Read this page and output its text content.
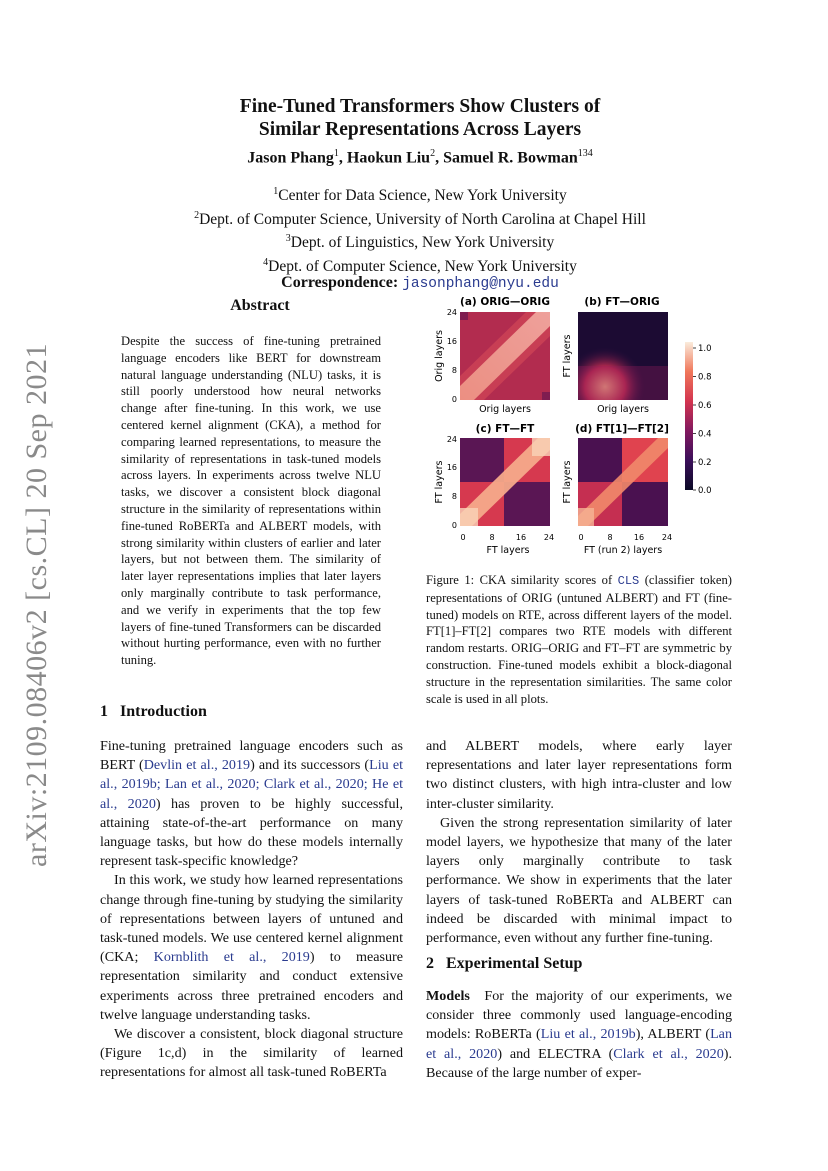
arXiv:2109.08406v2 [cs.CL] 20 Sep 2021
Fine-Tuned Transformers Show Clusters of
Similar Representations Across Layers
Jason Phang$^1$, Haokun Liu$^2$, Samuel R. Bowman$^{134}$
$^1$Center for Data Science, New York University
$^2$Dept. of Computer Science, University of North Carolina at Chapel Hill
$^3$Dept. of Linguistics, New York University
$^4$Dept. of Computer Science, New York University
Correspondence: jasonphang@nyu.edu
Abstract
Despite the success of fine-tuning pretrained language encoders like BERT for downstream natural language understanding (NLU) tasks, it is still poorly understood how neural networks change after fine-tuning. In this work, we use centered kernel alignment (CKA), a method for comparing learned representations, to measure the similarity of representations in task-tuned models across layers. In experiments across twelve NLU tasks, we discover a consistent block diagonal structure in the similarity of representations within fine-tuned RoBERTa and ALBERT models, with strong similarity within clusters of earlier and later layers, but not between them. The similarity of later layer representations implies that later layers only marginally contribute to task performance, and we verify in experiments that the top few layers of fine-tuned Transformers can be discarded without hurting performance, even with no further tuning.
(a) ORIG—ORIG
24
16
8
0
Orig layers
Orig layers
(b) FT—ORIG
Orig layers
FT layers
(c) FT—FT
24
16
8
0
0	8	16 24
FT layers
FT layers
(d) FT[1]—FT[2]
0	8	16 24
FT (run 2) layers
FT layers
1.0
0.8
0.6
0.4
0.2
0.0
Figure 1: CKA similarity scores of CLS (classifier token) representations of ORIG (untuned ALBERT) and FT (fine-tuned) models on RTE, across different layers of the model. FT[1]–FT[2] compares two RTE models with different random restarts. ORIG–ORIG and FT–FT are symmetric by construction. Fine-tuned models exhibit a block-diagonal structure in the representation similarities. The same color scale is used in all plots.
1 Introduction
Fine-tuning pretrained language encoders such as BERT (Devlin et al., 2019) and its successors (Liu et al., 2019b; Lan et al., 2020; Clark et al., 2020; He et al., 2020) has proven to be highly successful, attaining state-of-the-art performance on many language tasks, but how do these models internally represent task-specific knowledge?
In this work, we study how learned representations change through fine-tuning by studying the similarity of representations between layers of untuned and task-tuned models. We use centered kernel alignment (CKA; Kornblith et al., 2019) to measure representation similarity and conduct extensive experiments across three pretrained encoders and twelve language understanding tasks.
We discover a consistent, block diagonal structure (Figure 1c,d) in the similarity of learned representations for almost all task-tuned RoBERTa
and ALBERT models, where early layer representations and later layer representations form two distinct clusters, with high intra-cluster and low inter-cluster similarity.
Given the strong representation similarity of later model layers, we hypothesize that many of the later layers only marginally contribute to task performance. We show in experiments that the later layers of task-tuned RoBERTa and ALBERT can indeed be discarded with minimal impact to performance, even without any further fine-tuning.
2 Experimental Setup
Models For the majority of our experiments, we consider three commonly used language-encoding models: RoBERTa (Liu et al., 2019b), ALBERT (Lan et al., 2020) and ELECTRA (Clark et al., 2020). Because of the large number of exper-
